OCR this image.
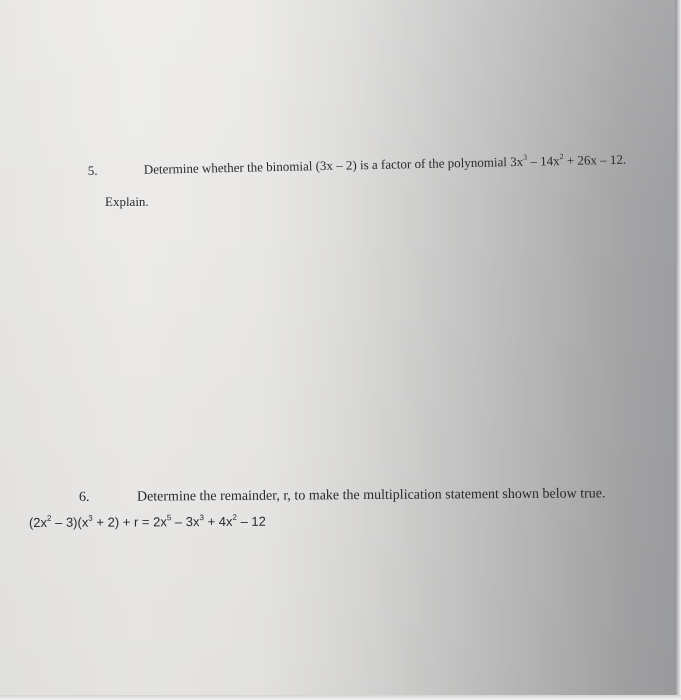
5.	Determine whether the binomial (3x – 2) is a factor of the polynomial $3x^3 - 14x^2 + 26x - 12$.
Explain.
6.	Determine the remainder, r, to make the multiplication statement shown below true.
$(2x^2 - 3)(x^3 + 2) + r = 2x^5 - 3x^3 + 4x^2 - 12$
